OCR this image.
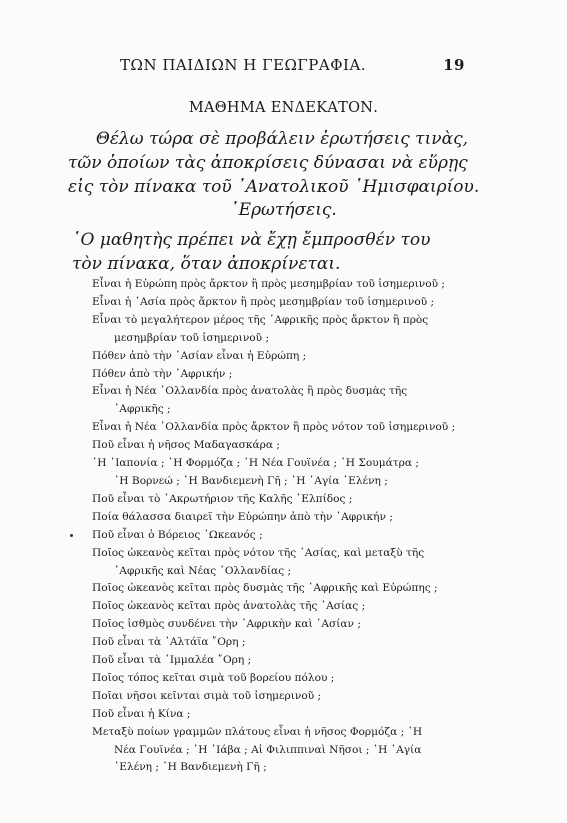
ΤΩΝ ΠΑΙΔΙΩΝ Η ΓΕΩΓΡΑΦΙΑ.	19
ΜΑΘΗΜΑ ΕΝΔΕΚΑΤΟΝ.
Θέλω τώρα σὲ προβάλειν ἐρωτήσεις τινὰς,
τῶν ὁποίων τὰς ἀποκρίσεις δύνασαι νὰ εὕρῃς
εἰς τὸν πίνακα τοῦ ᾿Ανατολικοῦ ῾Ημισφαιρίου.
᾿Ερωτήσεις.
῾Ο μαθητὴς πρέπει νὰ ἔχῃ ἔμπροσθέν του
τὸν πίνακα, ὅταν ἀποκρίνεται.
Εἶναι ἡ Εὐρώπη πρὸς ἄρκτον ἢ πρὸς μεσημβρίαν τοῦ ἰσημερινοῦ ;
Εἶναι ἡ ᾿Ασία πρὸς ἄρκτον ἢ πρὸς μεσημβρίαν τοῦ ἰσημερινοῦ ;
Εἶναι τὸ μεγαλήτερον μέρος τῆς ᾿Αφρικῆς πρὸς ἄρκτον ἢ πρὸς
μεσημβρίαν τοῦ ἰσημερινοῦ ;
Πόθεν ἀπὸ τὴν ᾿Ασίαν εἶναι ἡ Εὐρώπη ;
Πόθεν ἀπὸ τὴν ᾿Αφρικήν ;
Εἶναι ἡ Νέα ῾Ολλανδία πρὸς ἀνατολὰς ἢ πρὸς δυσμὰς τῆς
᾿Αφρικῆς ;
Εἶναι ἡ Νέα ῾Ολλανδία πρὸς ἄρκτον ἢ πρὸς νότον τοῦ ἰσημερινοῦ ;
Ποῦ εἶναι ἡ νῆσος Μαδαγασκάρα ;
῾Η ᾿Ιαπονία ; ῾Η Φορμόζα ; ῾Η Νέα Γουϊνέα ; ῾Η Σουμάτρα ;
῾Η Βορνεώ ; ῾Η Βανδιεμενὴ Γῆ ; ῾Η ῾Αγία ῾Ελένη ;
Ποῦ εἶναι τὸ ᾿Ακρωτήριον τῆς Καλῆς ᾿Ελπίδος ;
Ποία θάλασσα διαιρεῖ τὴν Εὐρώπην ἀπὸ τὴν ᾿Αφρικήν ;
Ποῦ εἶναι ὁ Βόρειος ᾿Ωκεανός ;
Ποῖος ὠκεανὸς κεῖται πρὸς νότον τῆς ᾿Ασίας, καὶ μεταξὺ τῆς
᾿Αφρικῆς καὶ Νέας ῾Ολλανδίας ;
Ποῖος ὠκεανὸς κεῖται πρὸς δυσμὰς τῆς ᾿Αφρικῆς καὶ Εὐρώπης ;
Ποῖος ὠκεανὸς κεῖται πρὸς ἀνατολὰς τῆς ᾿Ασίας ;
Ποῖος ἰσθμὸς συνδένει τὴν ᾿Αφρικὴν καὶ ᾿Ασίαν ;
Ποῦ εἶναι τὰ ᾿Αλτάϊα ῎Ορη ;
Ποῦ εἶναι τὰ ῾Ιμμαλέα ῎Ορη ;
Ποῖος τόπος κεῖται σιμὰ τοῦ βορείου πόλου ;
Ποῖαι νῆσοι κεῖνται σιμὰ τοῦ ἰσημερινοῦ ;
Ποῦ εἶναι ἡ Κίνα ;
Μεταξὺ ποίων γραμμῶν πλάτους εἶναι ἡ νῆσος Φορμόζα ; ῾Η
Νέα Γουϊνέα ; ῾Η ᾿Ιάβα ; Αἱ Φιλιππιναὶ Νῆσοι ; ῾Η ῾Αγία
῾Ελένη ; ῾Η Βανδιεμενὴ Γῆ ;
